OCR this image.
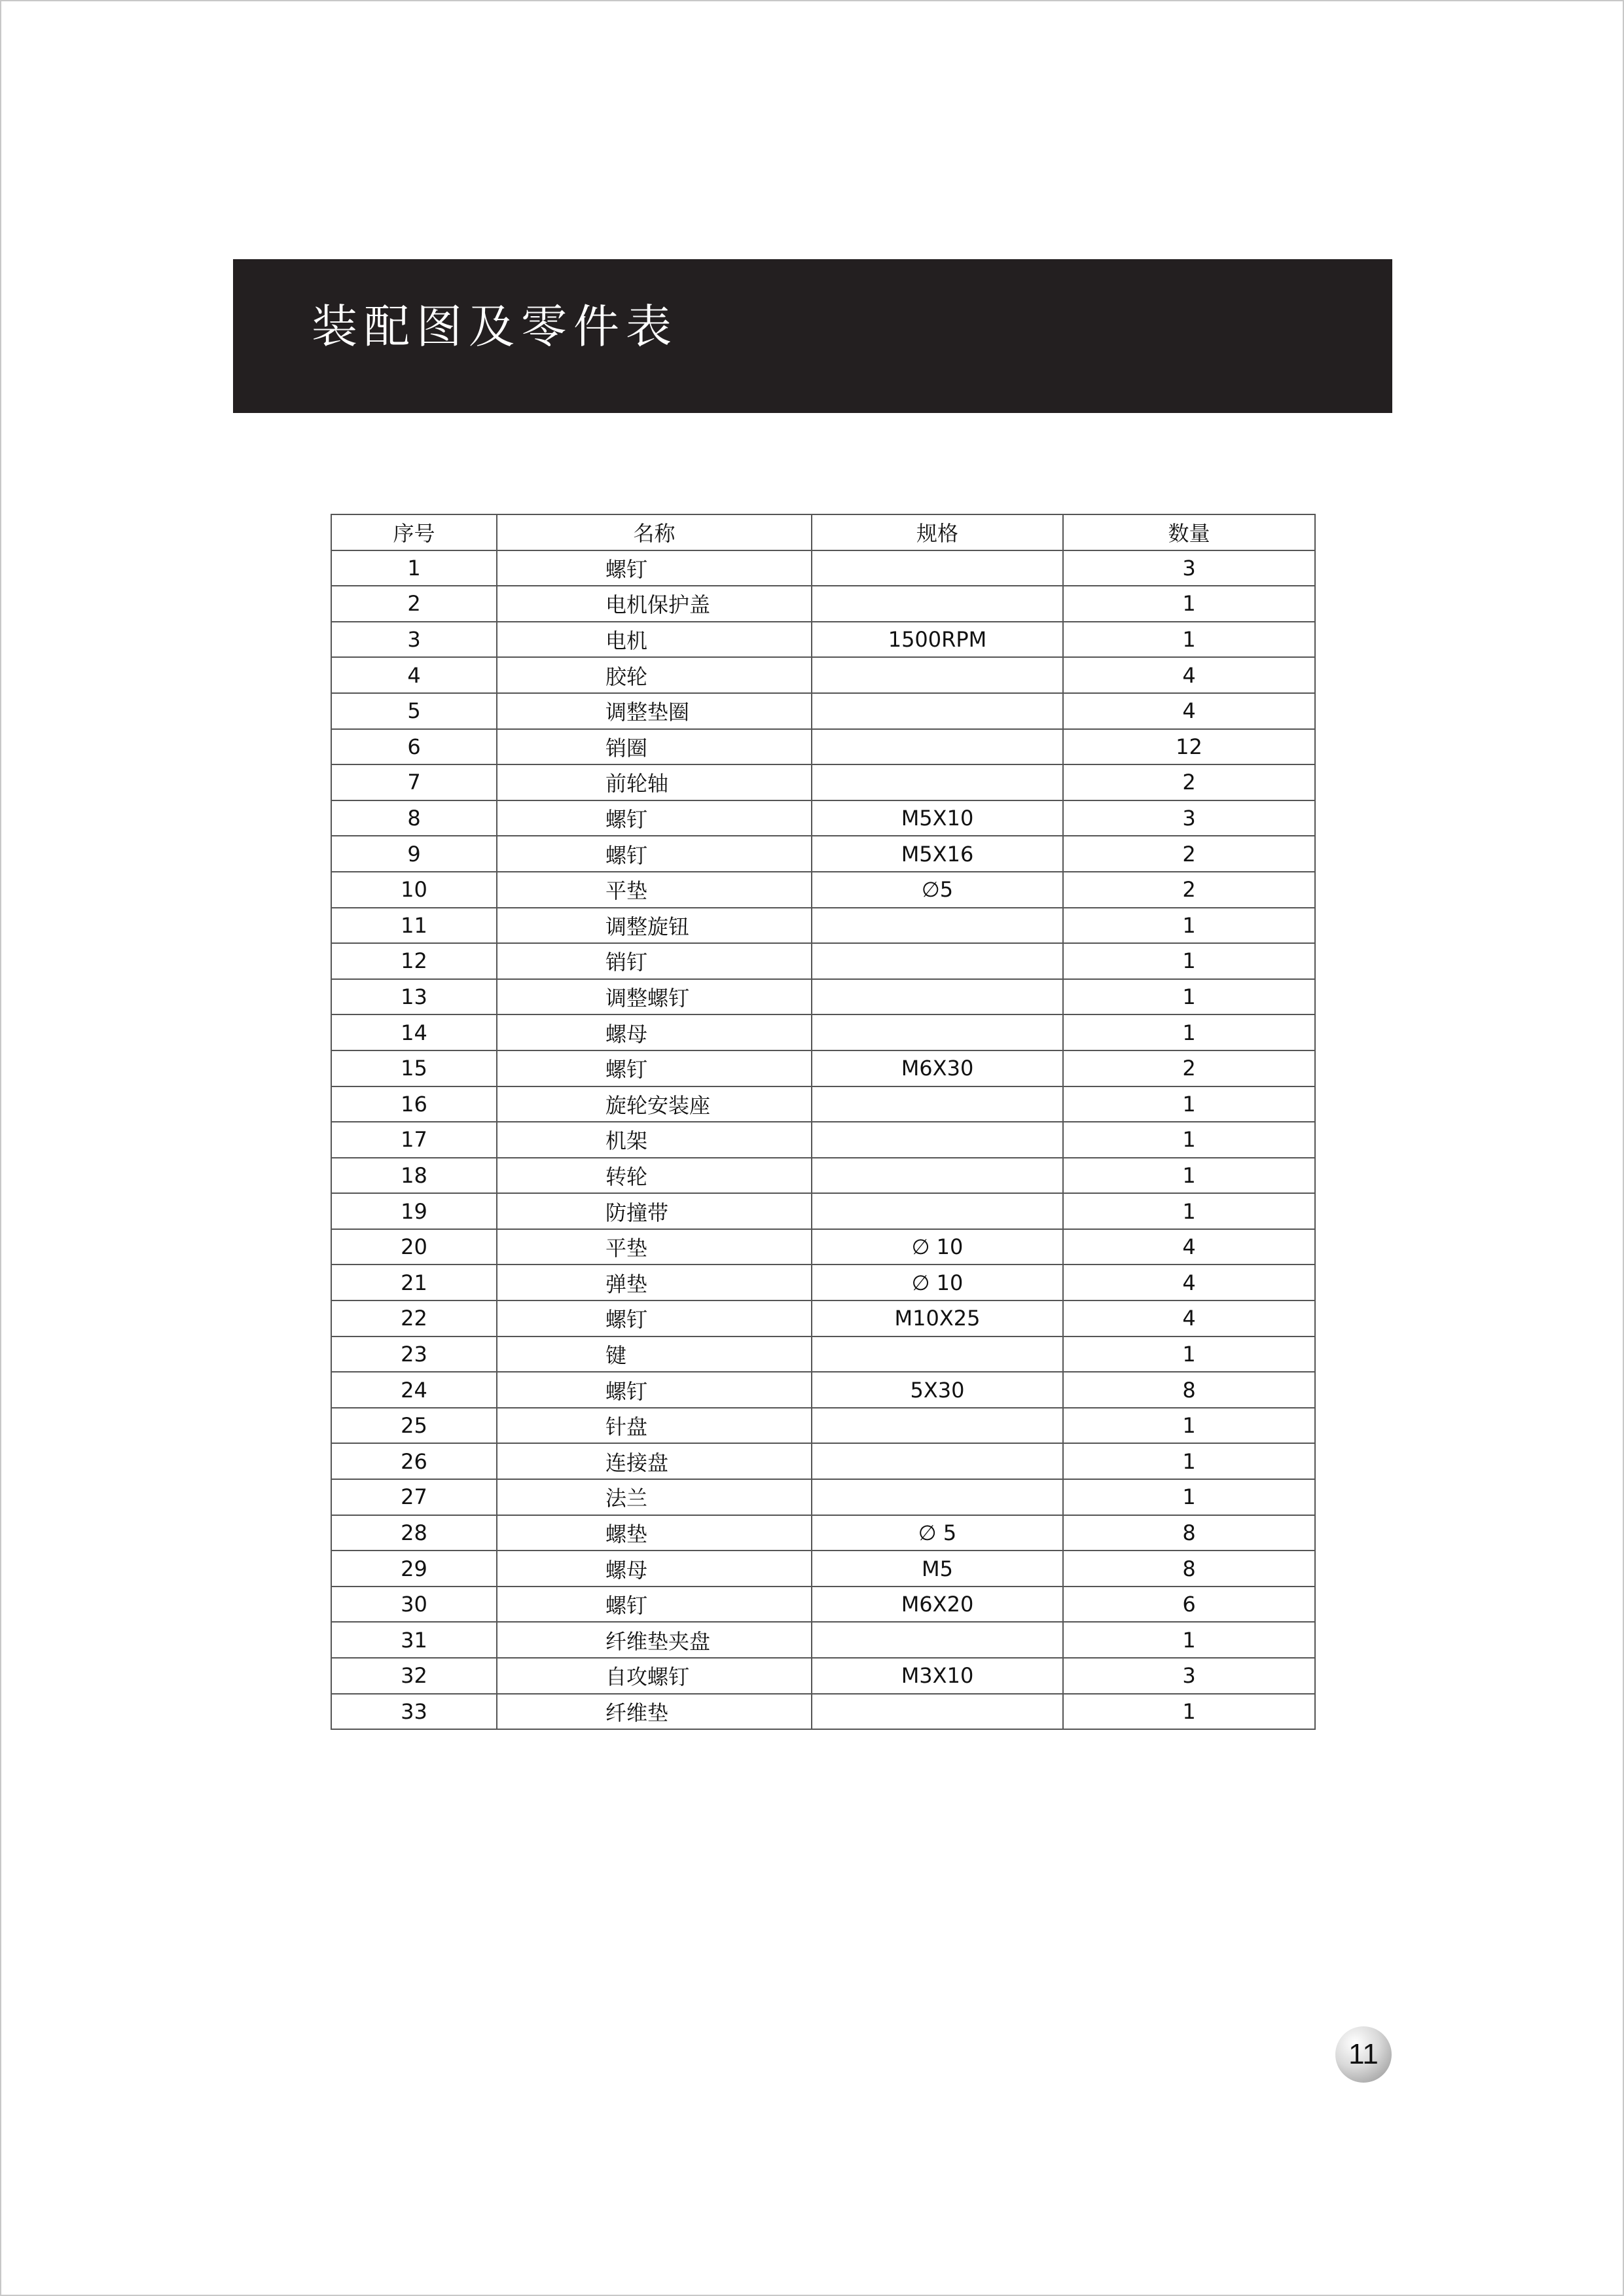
装配图及零件表
序号	名称	规格	数量
1	螺钉		3
2	电机保护盖		1
3	电机	1500RPM	1
4	胶轮		4
5	调整垫圈		4
6	销圈		12
7	前轮轴		2
8	螺钉	M5X10	3
9	螺钉	M5X16	2
10	平垫	∅5	2
11	调整旋钮		1
12	销钉		1
13	调整螺钉		1
14	螺母		1
15	螺钉	M6X30	2
16	旋轮安装座		1
17	机架		1
18	转轮		1
19	防撞带		1
20	平垫	∅ 10	4
21	弹垫	∅ 10	4
22	螺钉	M10X25	4
23	键		1
24	螺钉	5X30	8
25	针盘		1
26	连接盘		1
27	法兰		1
28	螺垫	∅ 5	8
29	螺母	M5	8
30	螺钉	M6X20	6
31	纤维垫夹盘		1
32	自攻螺钉	M3X10	3
33	纤维垫		1
11
